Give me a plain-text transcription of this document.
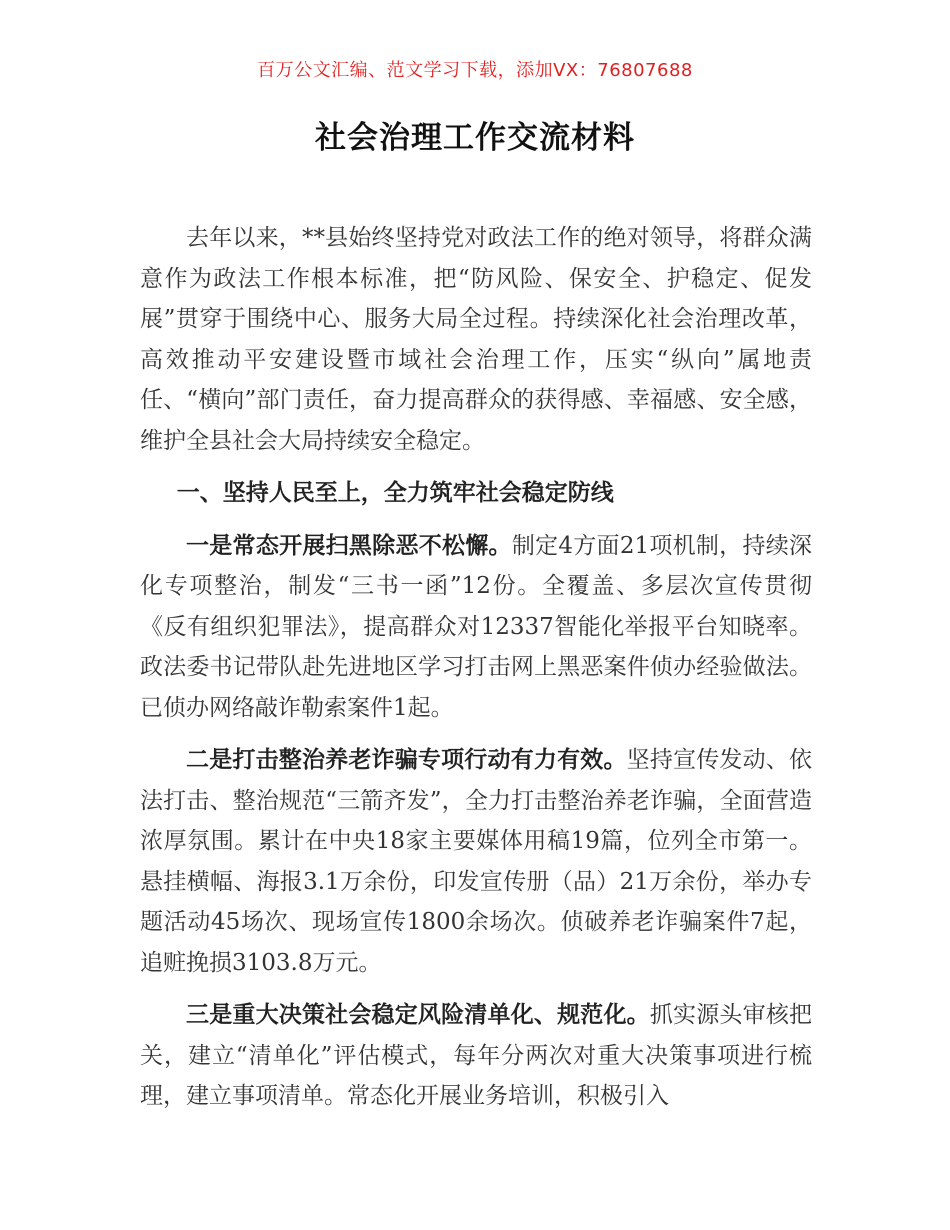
百万公文汇编、范文学习下载，添加VX：76807688
社会治理工作交流材料

去年以来，**县始终坚持党对政法工作的绝对领导，将群众满意作为政法工作根本标准，把“防风险、保安全、护稳定、促发展”贯穿于围绕中心、服务大局全过程。持续深化社会治理改革，高效推动平安建设暨市域社会治理工作，压实“纵向”属地责任、“横向”部门责任，奋力提高群众的获得感、幸福感、安全感，维护全县社会大局持续安全稳定。

一、坚持人民至上，全力筑牢社会稳定防线

一是常态开展扫黑除恶不松懈。制定4方面21项机制，持续深化专项整治，制发“三书一函”12份。全覆盖、多层次宣传贯彻《反有组织犯罪法》，提高群众对12337智能化举报平台知晓率。政法委书记带队赴先进地区学习打击网上黑恶案件侦办经验做法。已侦办网络敲诈勒索案件1起。

二是打击整治养老诈骗专项行动有力有效。坚持宣传发动、依法打击、整治规范“三箭齐发”，全力打击整治养老诈骗，全面营造浓厚氛围。累计在中央18家主要媒体用稿19篇，位列全市第一。悬挂横幅、海报3.1万余份，印发宣传册（品）21万余份，举办专题活动45场次、现场宣传1800余场次。侦破养老诈骗案件7起，追赃挽损3103.8万元。

三是重大决策社会稳定风险清单化、规范化。抓实源头审核把关，建立“清单化”评估模式，每年分两次对重大决策事项进行梳理，建立事项清单。常态化开展业务培训，积极引入
